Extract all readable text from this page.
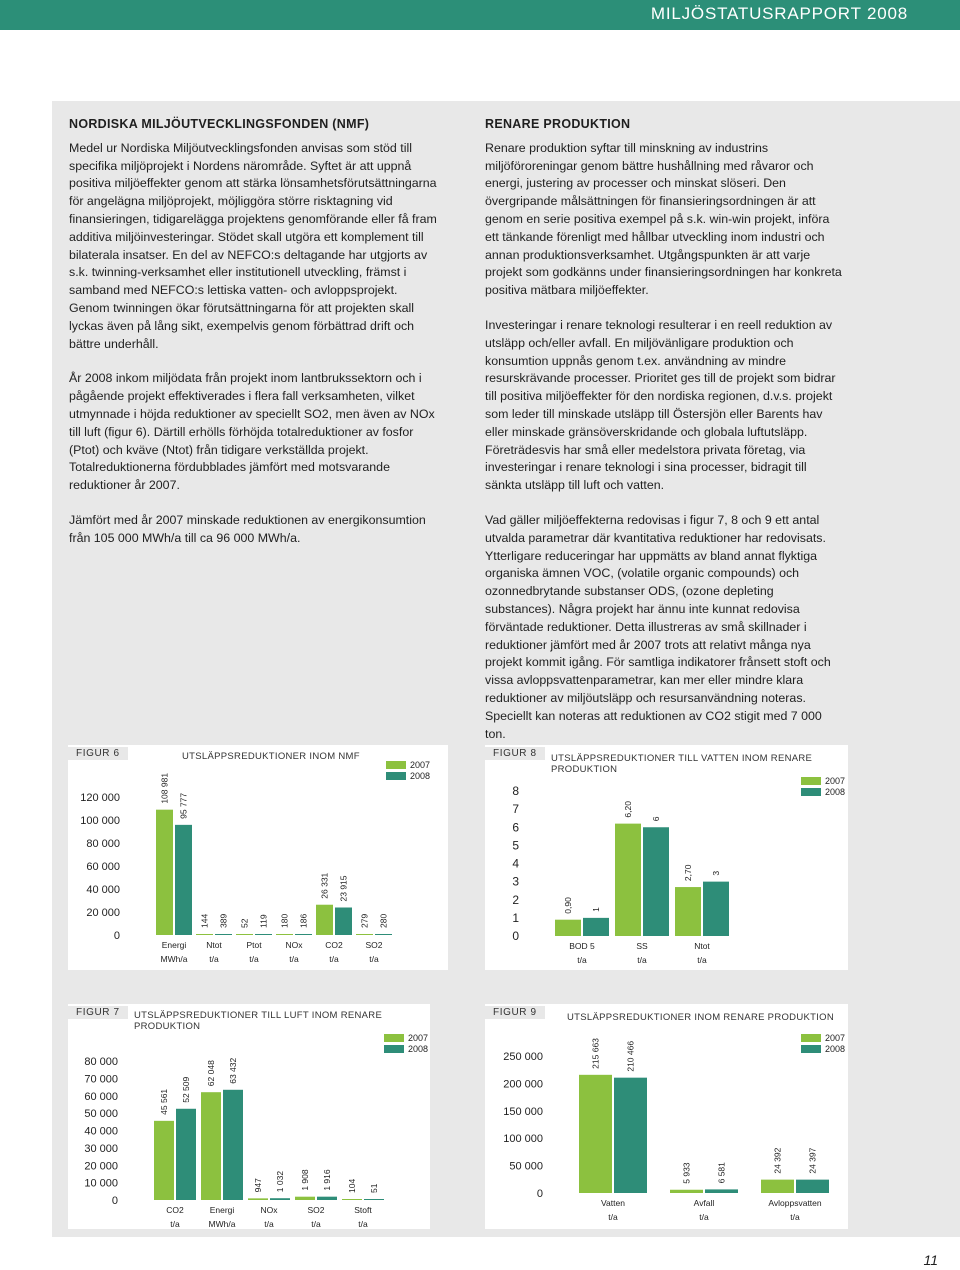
MILJÖSTATUSRAPPORT 2008
NORDISKA MILJÖUTVECKLINGSFONDEN (NMF)

Medel ur Nordiska Miljöutvecklingsfonden anvisas som stöd till specifika miljöprojekt i Nordens närområde. Syftet är att uppnå positiva miljöeffekter genom att stärka lönsamhetsförutsättningarna för angelägna miljöprojekt, möjliggöra större risktagning vid finansieringen, tidigarelägga projektens genomförande eller få fram additiva miljöinvesteringar. Stödet skall utgöra ett komplement till bilaterala insatser. En del av NEFCO:s deltagande har utgjorts av s.k. twinning-verksamhet eller institutionell utveckling, främst i samband med NEFCO:s lettiska vatten- och avloppsprojekt. Genom twinningen ökar förutsättningarna för att projekten skall lyckas även på lång sikt, exempelvis genom förbättrad drift och bättre underhåll.

År 2008 inkom miljödata från projekt inom lantbrukssektorn och i pågående projekt effektiverades i flera fall verksamheten, vilket utmynnade i höjda reduktioner av speciellt SO2, men även av NOx till luft (figur 6). Därtill erhölls förhöjda totalreduktioner av fosfor (Ptot) och kväve (Ntot) från tidigare verkställda projekt. Totalreduktionerna fördubblades jämfört med motsvarande reduktioner år 2007.

Jämfört med år 2007 minskade reduktionen av energikonsumtion från 105 000 MWh/a till ca 96 000 MWh/a.

RENARE PRODUKTION

Renare produktion syftar till minskning av industrins miljöföroreningar genom bättre hushållning med råvaror och energi, justering av processer och minskat slöseri. Den övergripande målsättningen för finansieringsordningen är att genom en serie positiva exempel på s.k. win-win projekt, införa ett tänkande förenligt med hållbar utveckling inom industri och annan produktionsverksamhet. Utgångspunkten är att varje projekt som godkänns under finansieringsordningen har konkreta positiva mätbara miljöeffekter.

Investeringar i renare teknologi resulterar i en reell reduktion av utsläpp och/eller avfall. En miljövänligare produktion och konsumtion uppnås genom t.ex. användning av mindre resurskrävande processer. Prioritet ges till de projekt som bidrar till positiva miljöeffekter för den nordiska regionen, d.v.s. projekt som leder till minskade utsläpp till Östersjön eller Barents hav eller minskade gränsöverskridande och globala luftutsläpp. Företrädesvis har små eller medelstora privata företag, via investeringar i renare teknologi i sina processer, bidragit till sänkta utsläpp till luft och vatten.

Vad gäller miljöeffekterna redovisas i figur 7, 8 och 9 ett antal utvalda parametrar där kvantitativa reduktioner har redovisats. Ytterligare reduceringar har uppmätts av bland annat flyktiga organiska ämnen VOC, (volatile organic compounds) och ozonnedbrytande substanser ODS, (ozone depleting substances). Några projekt har ännu inte kunnat redovisa förväntade reduktioner. Detta illustreras av små skillnader i reduktioner jämfört med år 2007 trots att relativt många nya projekt kommit igång. För samtliga indikatorer frånsett stoft och vissa avloppsvattenparametrar, kan mer eller mindre klara reduktioner av miljöutsläpp och resursanvändning noteras. Speciellt kan noteras att reduktionen av CO2 stigit med 7 000 ton.

FIGUR 6	UTSLÄPPSREDUKTIONER INOM NMF
2007
2008
120 000
100 000
80 000
60 000
40 000
20 000
0
108 981
95 777
Energi
MWh/a
144 389
Ntot
t/a
52 119
Ptot
t/a
180 186
NOx
t/a
26 331 23 915
CO2
t/a
279 280
SO2
t/a
FIGUR 8	UTSLÄPPSREDUKTIONER TILL VATTEN INOM RENARE PRODUKTION
2007
2008
8
7
6
5
4
3
2
1
0
0,90 1
BOD 5
t/a
6,20
6
SS
t/a
2,70 3
Ntot
t/a
FIGUR 7	UTSLÄPPSREDUKTIONER TILL LUFT INOM RENARE PRODUKTION
2007
2008
80 000
70 000
60 000
50 000
40 000
30 000
20 000
10 000
0
45 561 52 509
CO2
t/a
62 048 63 432
Energi
MWh/a
947 1 032
NOx
t/a
1 908 1 916
SO2
t/a
104 51
Stoft
t/a
FIGUR 9	UTSLÄPPSREDUKTIONER INOM RENARE PRODUKTION
2007
2008
250 000
200 000
150 000
100 000
50 000
0
215 663	210 466
Vatten
t/a
5 933	6 581
Avfall
t/a
24 392	24 397
Avloppsvatten
t/a
11
